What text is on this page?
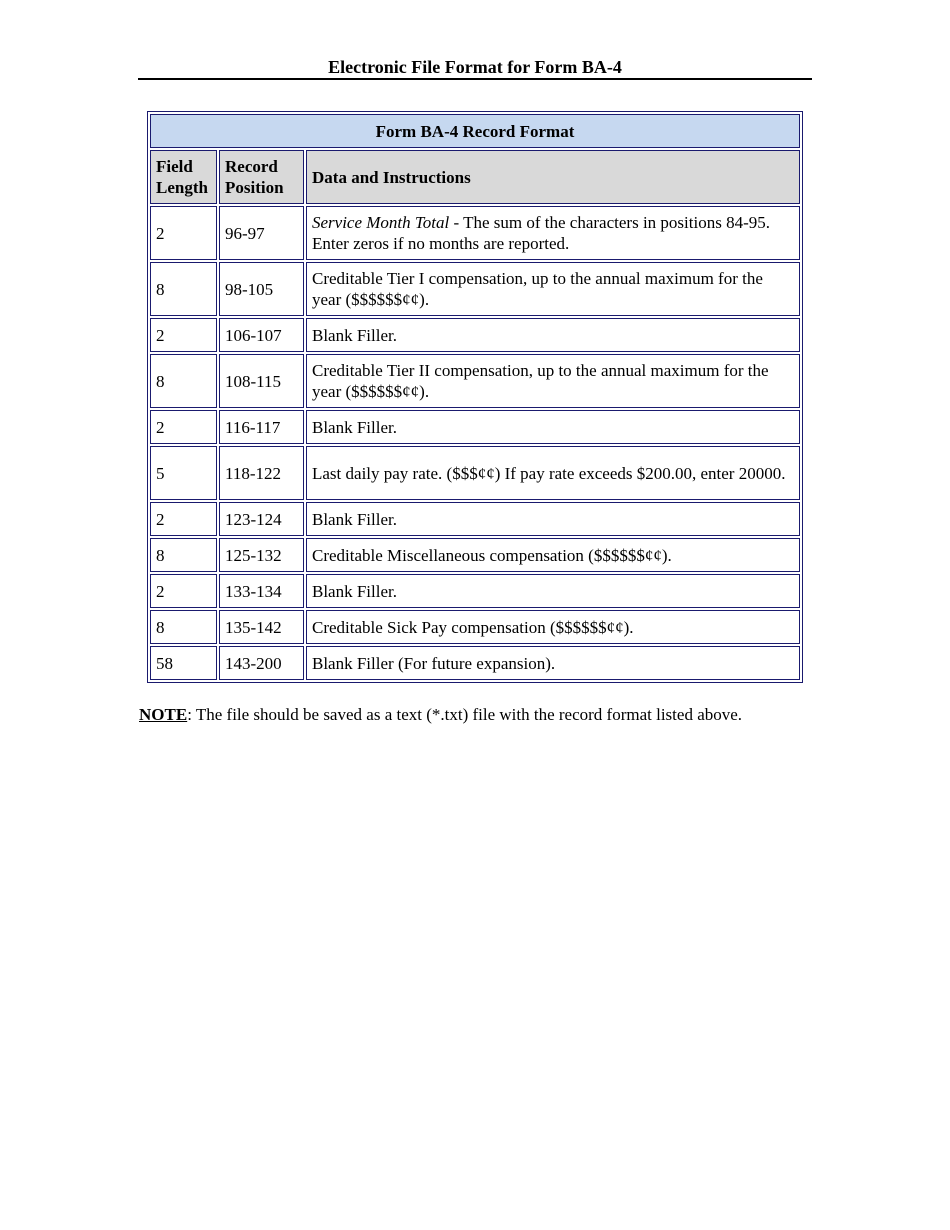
Electronic File Format for Form BA-4
Form BA-4 Record Format		
Field Length	Record Position	Data and Instructions
2	96-97	Service Month Total - The sum of the characters in positions 84-95. Enter zeros if no months are reported.
8	98-105	Creditable Tier I compensation, up to the annual maximum for the year ($$$$$$¢¢).
2	106-107	Blank Filler.
8	108-115	Creditable Tier II compensation, up to the annual maximum for the year ($$$$$$¢¢).
2	116-117	Blank Filler.
5	118-122	Last daily pay rate. ($$$¢¢) If pay rate exceeds $200.00, enter 20000.
2	123-124	Blank Filler.
8	125-132	Creditable Miscellaneous compensation ($$$$$$¢¢).
2	133-134	Blank Filler.
8	135-142	Creditable Sick Pay compensation ($$$$$$¢¢).
58	143-200	Blank Filler (For future expansion).
NOTE: The file should be saved as a text (*.txt) file with the record format listed above.
